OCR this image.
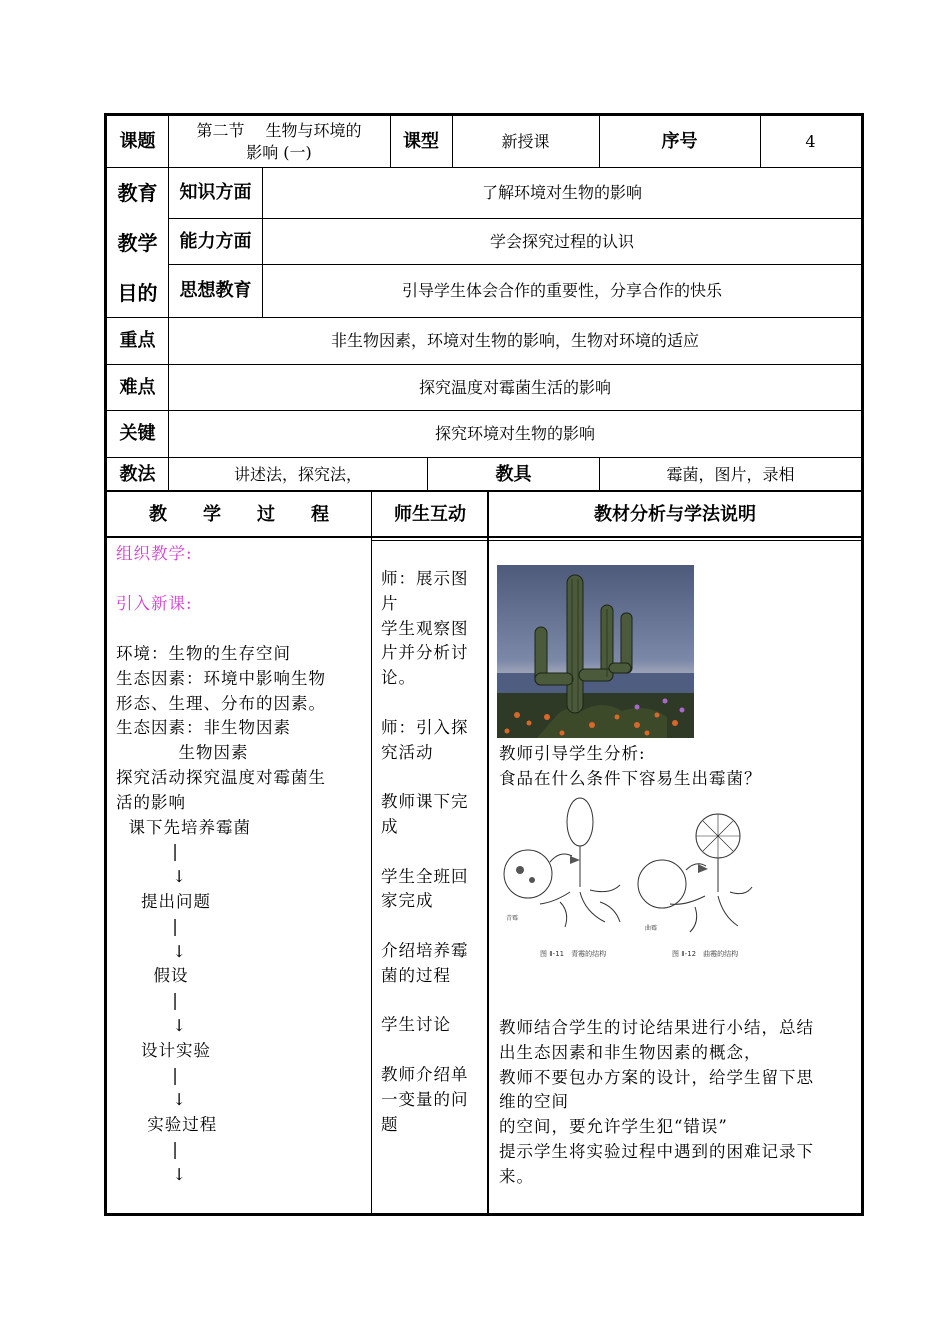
课题
第二节　 生物与环境的
影响 (一)
课型	新授课	序号	4
教育
教学
目的
知识方面	了解环境对生物的影响
能力方面	学会探究过程的认识
思想教育	引导学生体会合作的重要性，分享合作的快乐
重点	非生物因素，环境对生物的影响，生物对环境的适应
难点	探究温度对霉菌生活的影响
关键	探究环境对生物的影响
教法	讲述法，探究法，	教具	霉菌，图片，录相
教　　学　　过　　程	师生互动	教材分析与学法说明
组织教学:
引入新课:
环境：生物的生存空间
生态因素：环境中影响生物
形态、生理、分布的因素。
生态因素：非生物因素
生物因素
探究活动探究温度对霉菌生
活的影响
课下先培养霉菌
|
↓
提出问题
|
↓
假设
|
↓
设计实验
|
↓
实验过程
|
↓
师：展示图
片
学生观察图
片并分析讨
论。
师：引入探
究活动
教师课下完
成
学生全班回
家完成
介绍培养霉
菌的过程
学生讨论
教师介绍单
一变量的问
题
教师引导学生分析:
食品在什么条件下容易生出霉菌？
青霉
曲霉
图 Ⅱ-11　青霉的结构	图 Ⅱ-12　曲霉的结构
教师结合学生的讨论结果进行小结，总结
出生态因素和非生物因素的概念，
教师不要包办方案的设计，给学生留下思
维的空间
的空间，要允许学生犯“错误”
提示学生将实验过程中遇到的困难记录下
来。
